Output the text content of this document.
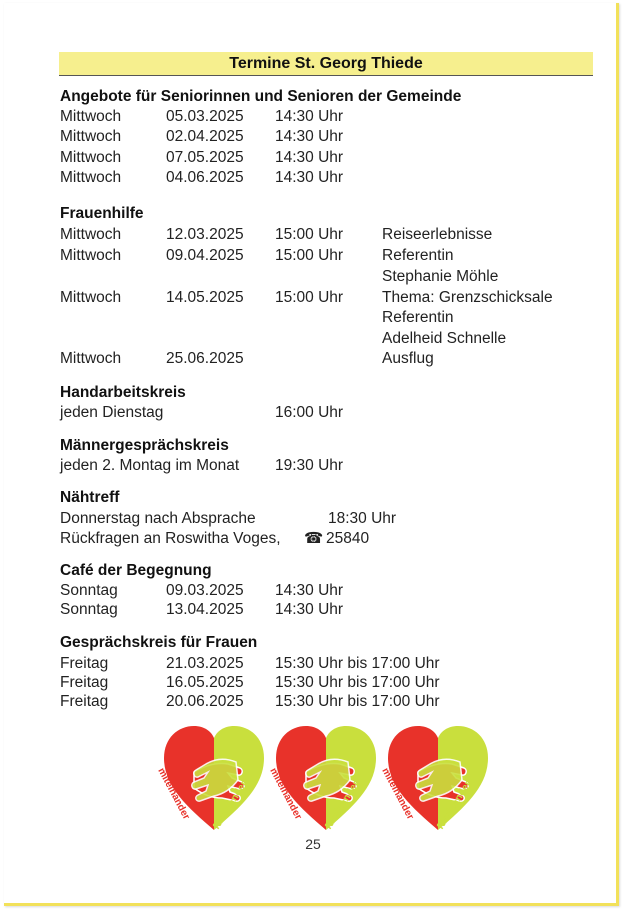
Termine St. Georg Thiede
Angebote für Seniorinnen und Senioren der Gemeinde
Mittwoch	05.03.2025 14:30 Uhr
Mittwoch	02.04.2025 14:30 Uhr
Mittwoch	07.05.2025 14:30 Uhr
Mittwoch	04.06.2025 14:30 Uhr
Frauenhilfe
Mittwoch	12.03.2025 15:00 Uhr	Reiseerlebnisse
Mittwoch	09.04.2025 15:00 Uhr	Referentin
Stephanie Möhle
Mittwoch	14.05.2025 15:00 Uhr	Thema: Grenzschicksale
Referentin
Adelheid Schnelle
Mittwoch	25.06.2025	Ausflug
Handarbeitskreis
jeden Dienstag	16:00 Uhr
Männergesprächskreis
jeden 2. Montag im Monat 19:30 Uhr
Nähtreff
Donnerstag nach Absprache	18:30 Uhr
Rückfragen an Roswitha Voges, ☎ 25840
Café der Begegnung
Sonntag	09.03.2025 14:30 Uhr
Sonntag	13.04.2025 14:30 Uhr
Gesprächskreis für Frauen
Freitag	21.03.2025 15:30 Uhr bis 17:00 Uhr
Freitag	16.05.2025 15:30 Uhr bis 17:00 Uhr
Freitag	20.06.2025 15:30 Uhr bis 17:00 Uhr
miteinander füreinander miteinander füreinander miteinander füreinander
25
